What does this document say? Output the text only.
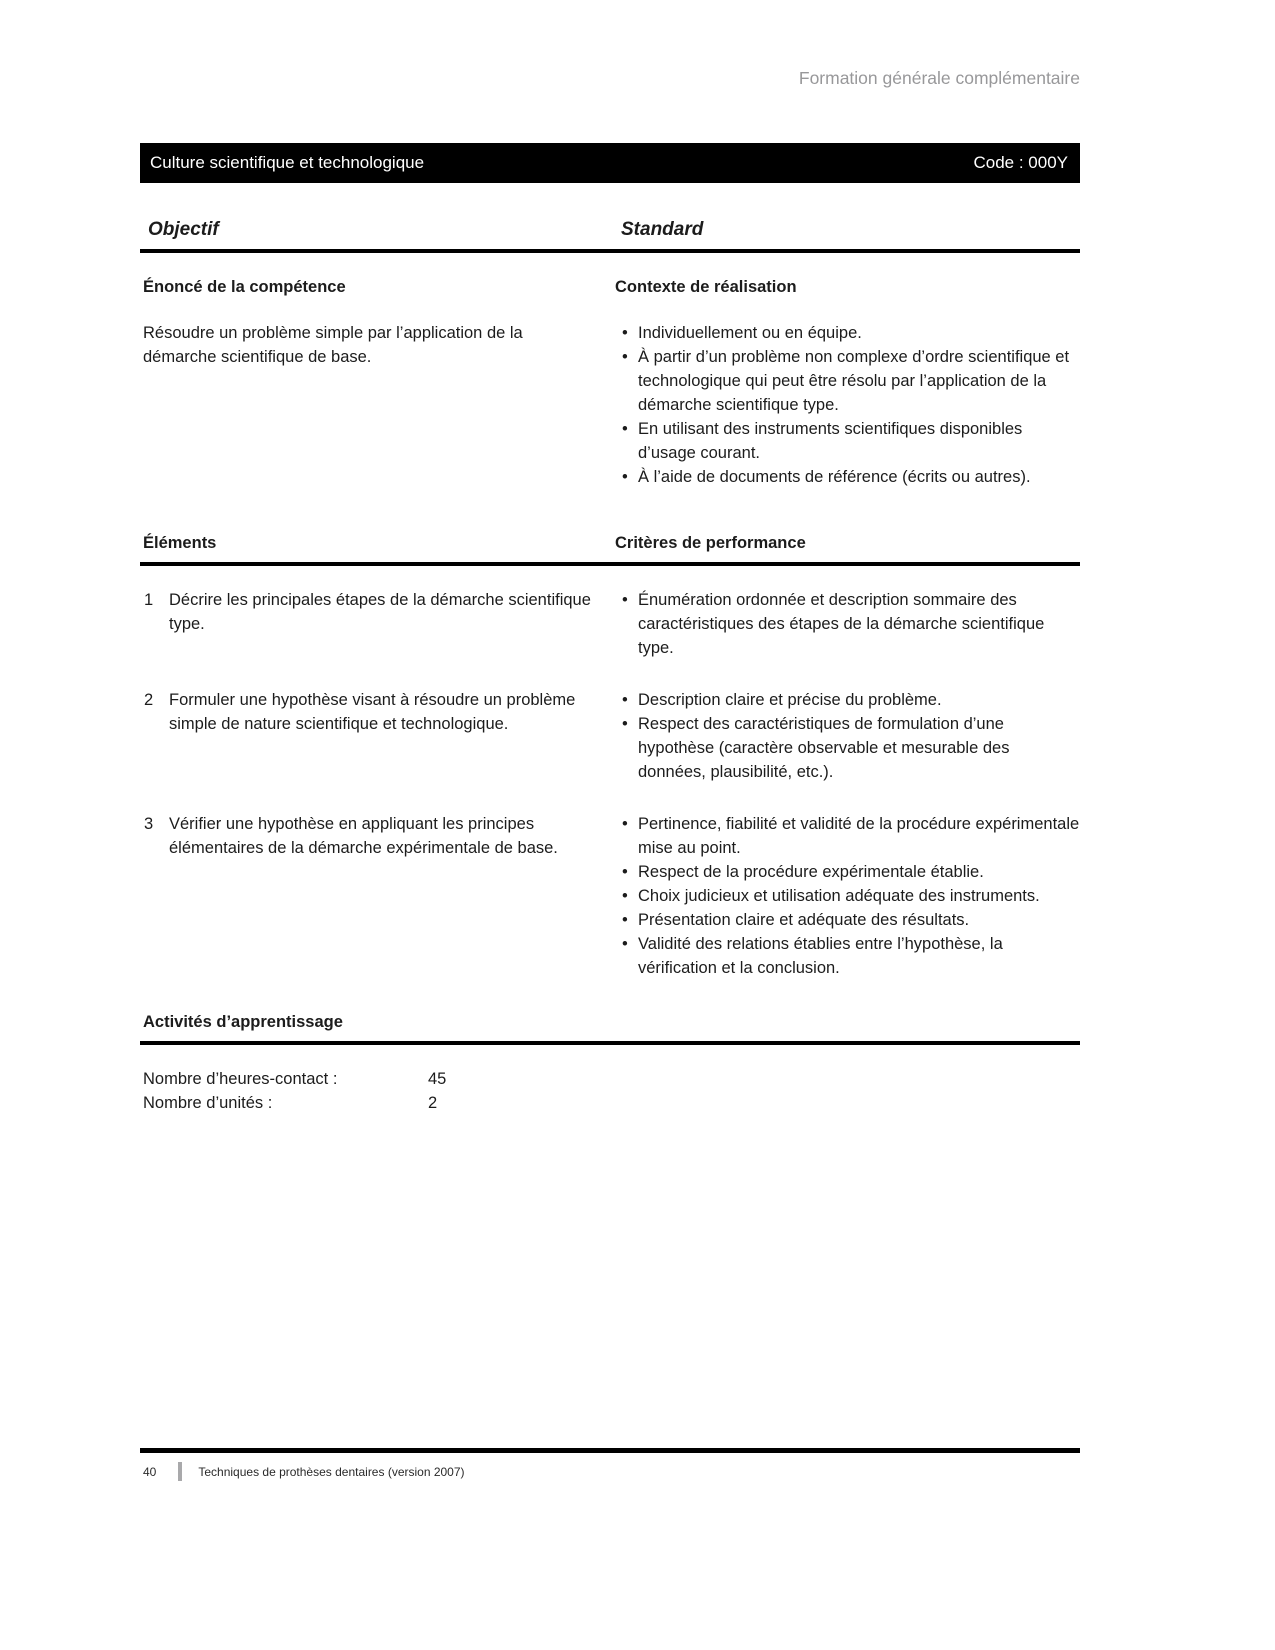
Formation générale complémentaire
Culture scientifique et technologique	Code : 000Y
Objectif	Standard
Énoncé de la compétence

Résoudre un problème simple par l’application de la démarche scientifique de base.

Contexte de réalisation
• Individuellement ou en équipe.
• À partir d’un problème non complexe d’ordre scientifique et technologique qui peut être résolu par l’application de la démarche scientifique type.
• En utilisant des instruments scientifiques disponibles d’usage courant.
• À l’aide de documents de référence (écrits ou autres).
Éléments	Critères de performance
1 Décrire les principales étapes de la démarche scientifique type.
• Énumération ordonnée et description sommaire des caractéristiques des étapes de la démarche scientifique type.
2 Formuler une hypothèse visant à résoudre un problème simple de nature scientifique et technologique.
• Description claire et précise du problème.
• Respect des caractéristiques de formulation d’une hypothèse (caractère observable et mesurable des données, plausibilité, etc.).
3 Vérifier une hypothèse en appliquant les principes élémentaires de la démarche expérimentale de base.
• Pertinence, fiabilité et validité de la procédure expérimentale mise au point.
• Respect de la procédure expérimentale établie.
• Choix judicieux et utilisation adéquate des instruments.
• Présentation claire et adéquate des résultats.
• Validité des relations établies entre l’hypothèse, la vérification et la conclusion.
Activités d’apprentissage
Nombre d’heures-contact :	45
Nombre d’unités :	2
40	Techniques de prothèses dentaires (version 2007)
